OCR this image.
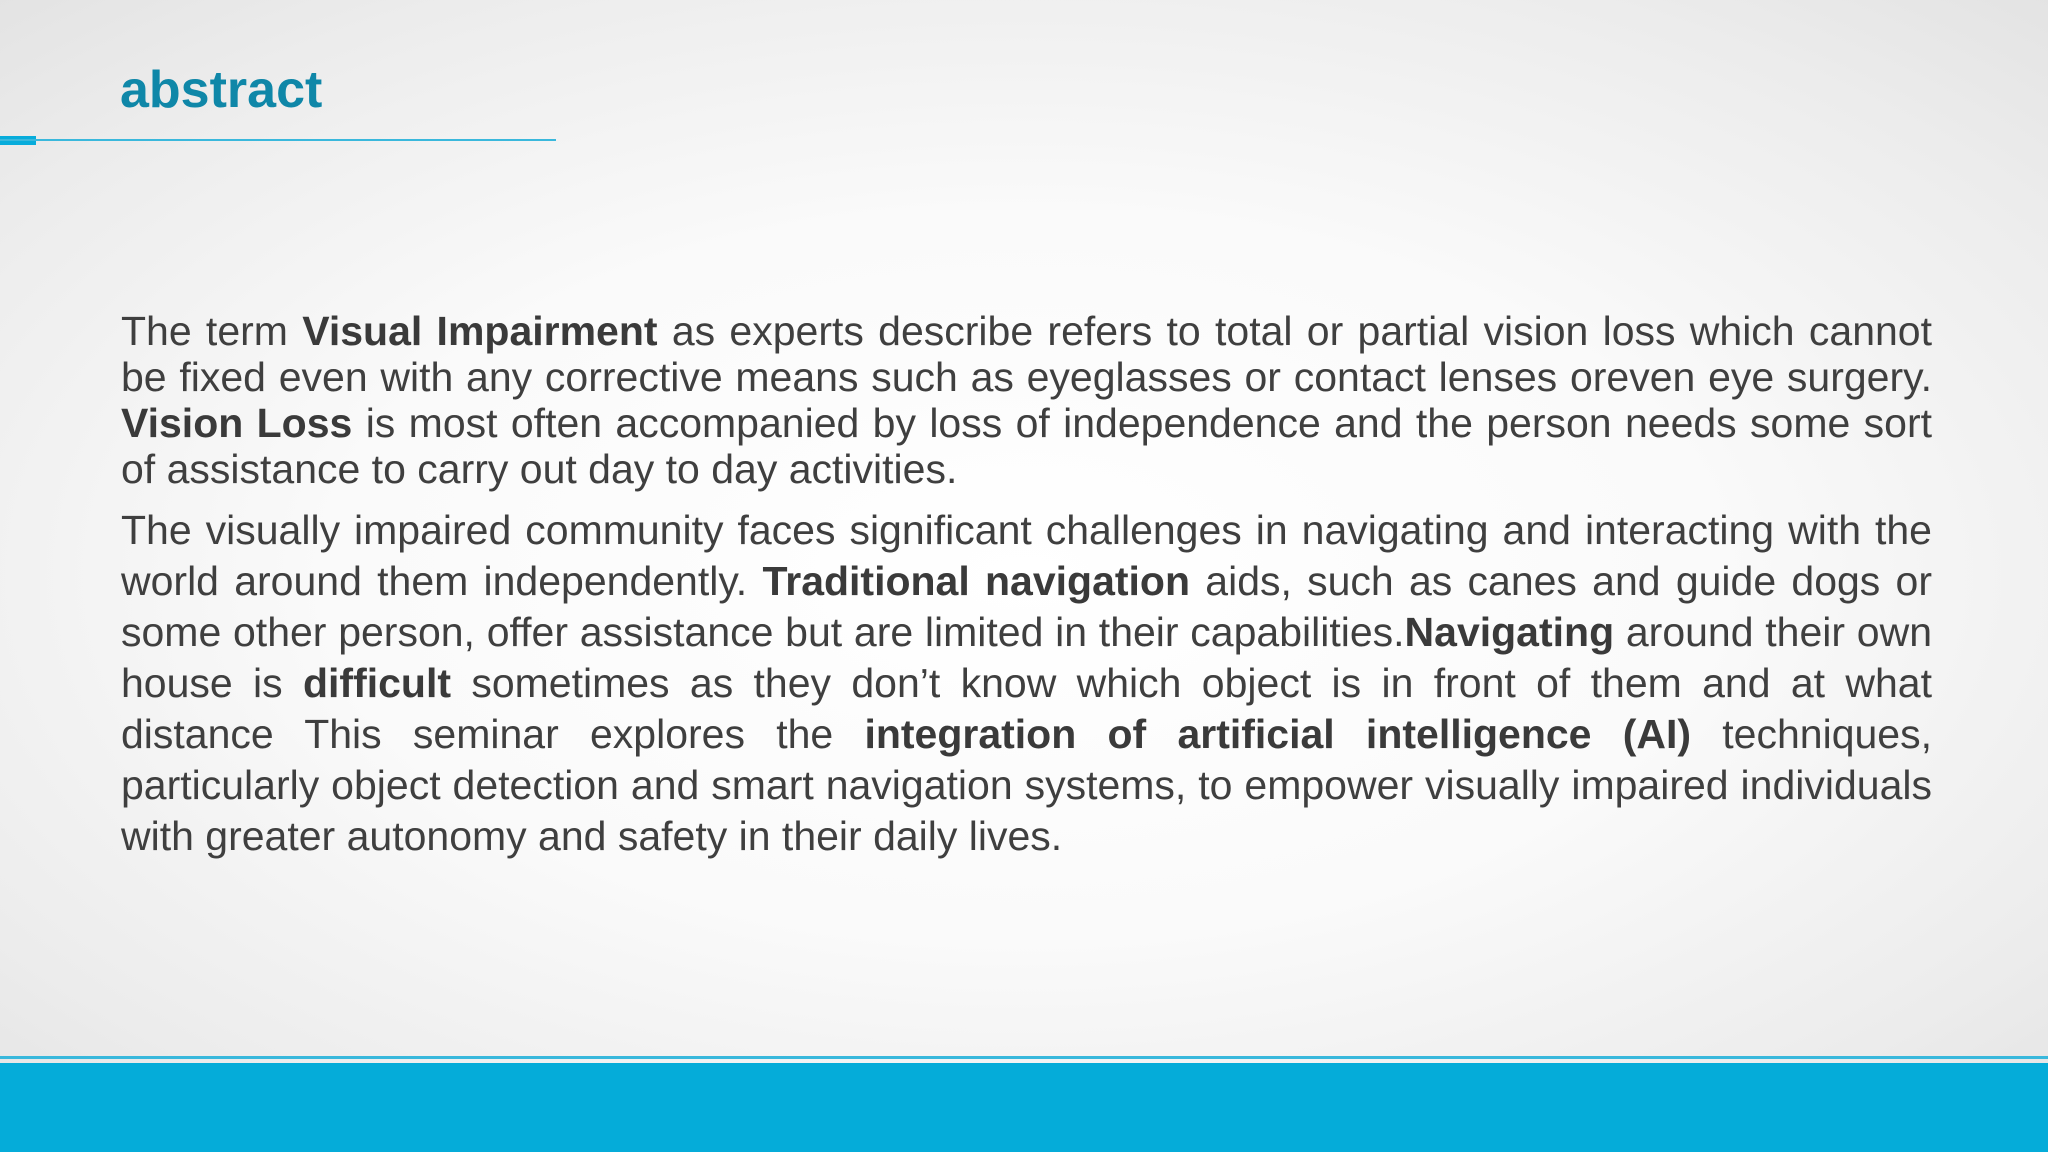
abstract

The term Visual Impairment as experts describe refers to total or partial vision loss which cannot be fixed even with any corrective means such as eyeglasses or contact lenses oreven eye surgery. Vision Loss is most often accompanied by loss of independence and the person needs some sort of assistance to carry out day to day activities.

The visually impaired community faces significant challenges in navigating and interacting with the world around them independently. Traditional navigation aids, such as canes and guide dogs or some other person, offer assistance but are limited in their capabilities.Navigating around their own house is difficult sometimes as they don’t know which object is in front of them and at what distance This seminar explores the integration of artificial intelligence (AI) techniques, particularly object detection and smart navigation systems, to empower visually impaired individuals with greater autonomy and safety in their daily lives.
